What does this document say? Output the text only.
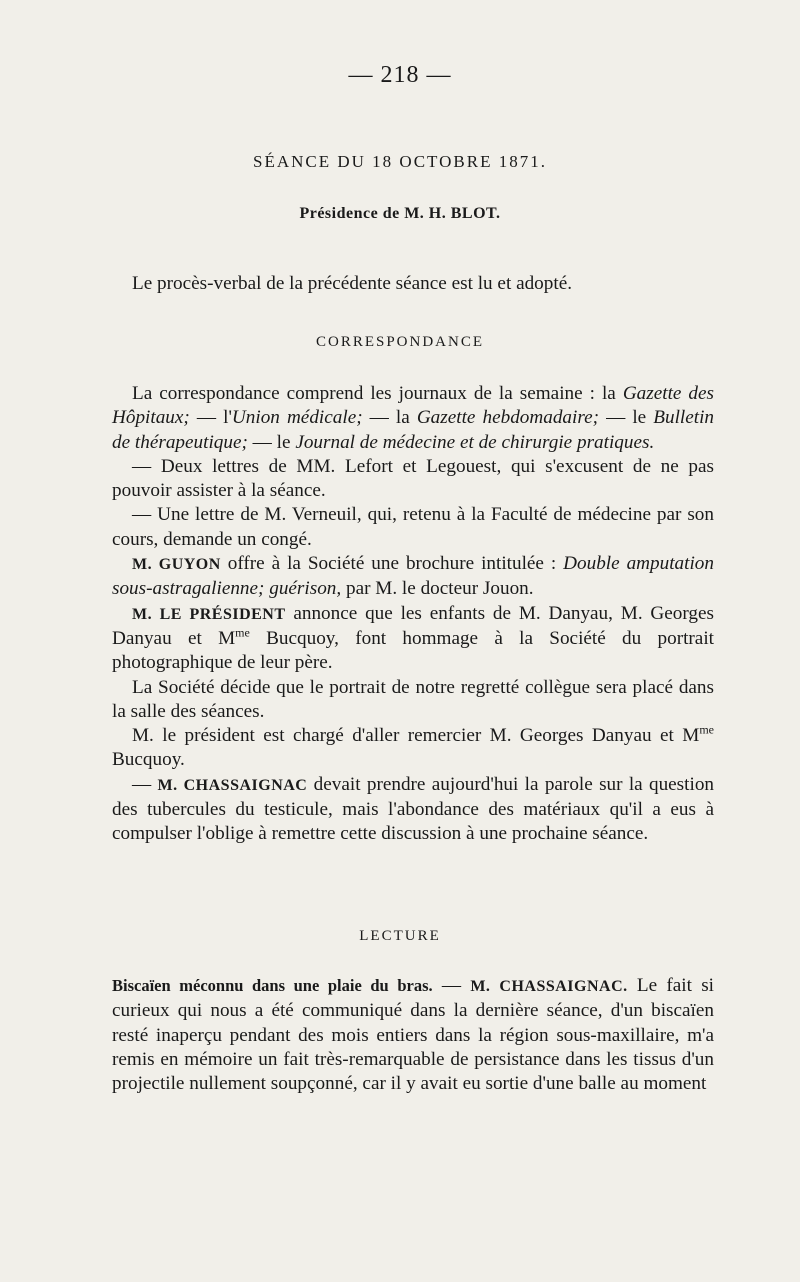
— 218 —
SÉANCE DU 18 OCTOBRE 1871.
Présidence de M. H. BLOT.

Le procès-verbal de la précédente séance est lu et adopté.

CORRESPONDANCE

La correspondance comprend les journaux de la semaine : la Gazette des Hôpitaux; — l'Union médicale; — la Gazette hebdomadaire; — le Bulletin de thérapeutique; — le Journal de médecine et de chirurgie pratiques.

— Deux lettres de MM. Lefort et Legouest, qui s'excusent de ne pas pouvoir assister à la séance.

— Une lettre de M. Verneuil, qui, retenu à la Faculté de médecine par son cours, demande un congé.

M. GUYON offre à la Société une brochure intitulée : Double amputation sous-astragalienne; guérison, par M. le docteur Jouon.

M. LE PRÉSIDENT annonce que les enfants de M. Danyau, M. Georges Danyau et $M^{me}$ Bucquoy, font hommage à la Société du portrait photographique de leur père.

La Société décide que le portrait de notre regretté collègue sera placé dans la salle des séances.

M. le président est chargé d'aller remercier M. Georges Danyau et $M^{me}$ Bucquoy.

— M. CHASSAIGNAC devait prendre aujourd'hui la parole sur la question des tubercules du testicule, mais l'abondance des matériaux qu'il a eus à compulser l'oblige à remettre cette discussion à une prochaine séance.

LECTURE

Biscaïen méconnu dans une plaie du bras. — M. CHASSAIGNAC. Le fait si curieux qui nous a été communiqué dans la dernière séance, d'un biscaïen resté inaperçu pendant des mois entiers dans la région sous-maxillaire, m'a remis en mémoire un fait très-remarquable de persistance dans les tissus d'un projectile nullement soupçonné, car il y avait eu sortie d'une balle au moment
